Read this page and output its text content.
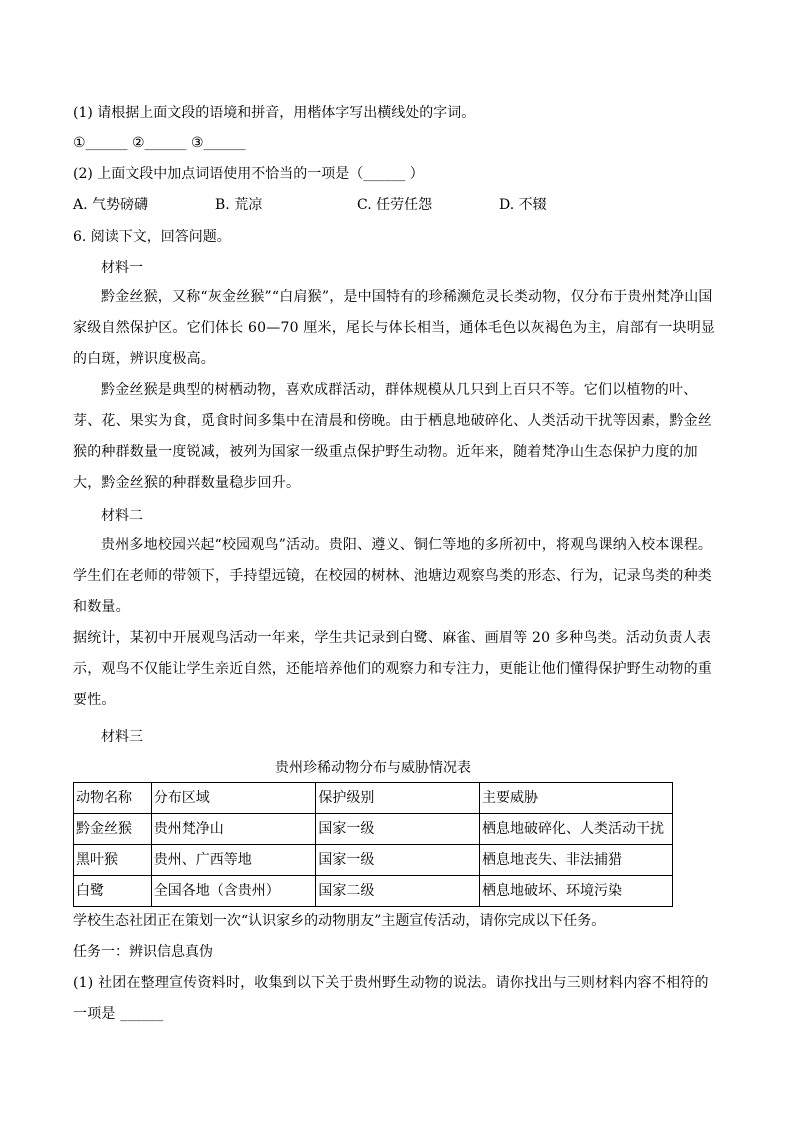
(1) 请根据上面文段的语境和拼音，用楷体字写出横线处的字词。
①______ ②______ ③______
(2) 上面文段中加点词语使用不恰当的一项是（______ ）
A. 气势磅礴	B. 荒凉	C. 任劳任怨	D. 不辍
6. 阅读下文，回答问题。
材料一
黔金丝猴，又称“灰金丝猴”“白肩猴”，是中国特有的珍稀濒危灵长类动物，仅分布于贵州梵净山国家级自然保护区。它们体长 60—70 厘米，尾长与体长相当，通体毛色以灰褐色为主，肩部有一块明显的白斑，辨识度极高。
黔金丝猴是典型的树栖动物，喜欢成群活动，群体规模从几只到上百只不等。它们以植物的叶、芽、花、果实为食，觅食时间多集中在清晨和傍晚。由于栖息地破碎化、人类活动干扰等因素，黔金丝猴的种群数量一度锐减，被列为国家一级重点保护野生动物。近年来，随着梵净山生态保护力度的加大，黔金丝猴的种群数量稳步回升。
材料二
贵州多地校园兴起“校园观鸟”活动。贵阳、遵义、铜仁等地的多所初中，将观鸟课纳入校本课程。学生们在老师的带领下，手持望远镜，在校园的树林、池塘边观察鸟类的形态、行为，记录鸟类的种类和数量。
据统计，某初中开展观鸟活动一年来，学生共记录到白鹭、麻雀、画眉等 20 多种鸟类。活动负责人表示，观鸟不仅能让学生亲近自然，还能培养他们的观察力和专注力，更能让他们懂得保护野生动物的重要性。
材料三
贵州珍稀动物分布与威胁情况表
动物名称	分布区域	保护级别	主要威胁
黔金丝猴	贵州梵净山	国家一级	栖息地破碎化、人类活动干扰
黑叶猴	贵州、广西等地	国家一级	栖息地丧失、非法捕猎
白鹭	全国各地（含贵州）	国家二级	栖息地破坏、环境污染
学校生态社团正在策划一次“认识家乡的动物朋友”主题宣传活动，请你完成以下任务。
任务一：辨识信息真伪
(1) 社团在整理宣传资料时，收集到以下关于贵州野生动物的说法。请你找出与三则材料内容不相符的一项是 ______
